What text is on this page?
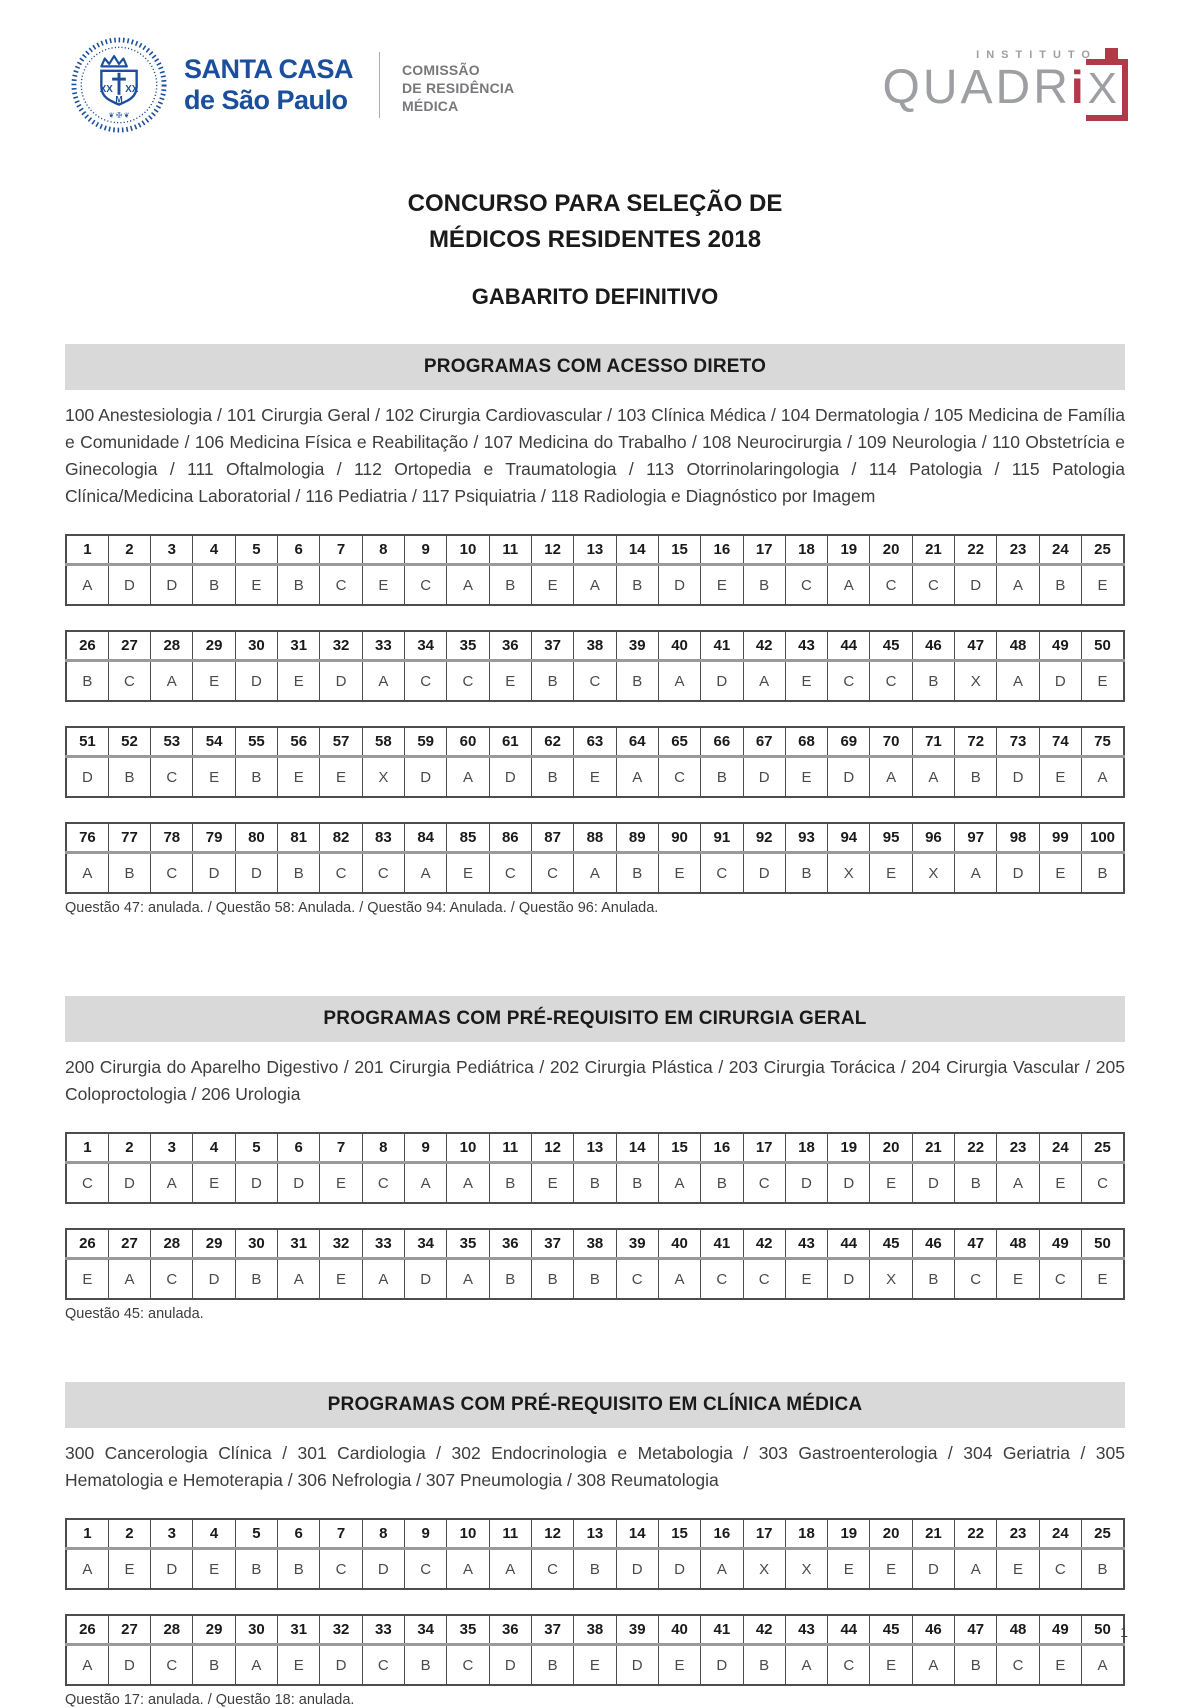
XX XX
M
❦ ✠ ❦
SANTA CASA
de São Paulo
COMISSÃO
DE RESIDÊNCIA
MÉDICA
INSTITUTO
QUADR i X
CONCURSO PARA SELEÇÃO DE
MÉDICOS RESIDENTES 2018
GABARITO DEFINITIVO
PROGRAMAS COM ACESSO DIRETO

100 Anestesiologia / 101 Cirurgia Geral / 102 Cirurgia Cardiovascular / 103 Clínica Médica / 104 Dermatologia / 105 Medicina de Família e Comunidade / 106 Medicina Física e Reabilitação / 107 Medicina do Trabalho / 108 Neurocirurgia / 109 Neurologia / 110 Obstetrícia e Ginecologia / 111 Oftalmologia / 112 Ortopedia e Traumatologia / 113 Otorrinolaringologia / 114 Patologia / 115 Patologia Clínica/Medicina Laboratorial / 116 Pediatria / 117 Psiquiatria / 118 Radiologia e Diagnóstico por Imagem

1	2	3	4	5	6	7	8	9	10	11	12	13	14	15	16	17	18	19	20	21	22	23	24	25
A	D	D	B	E	B	C	E	C	A	B	E	A	B	D	E	B	C	A	C	C	D	A	B	E
26	27	28	29	30	31	32	33	34	35	36	37	38	39	40	41	42	43	44	45	46	47	48	49	50
B	C	A	E	D	E	D	A	C	C	E	B	C	B	A	D	A	E	C	C	B	X	A	D	E
51	52	53	54	55	56	57	58	59	60	61	62	63	64	65	66	67	68	69	70	71	72	73	74	75
D	B	C	E	B	E	E	X	D	A	D	B	E	A	C	B	D	E	D	A	A	B	D	E	A
76	77	78	79	80	81	82	83	84	85	86	87	88	89	90	91	92	93	94	95	96	97	98	99	100
A	B	C	D	D	B	C	C	A	E	C	C	A	B	E	C	D	B	X	E	X	A	D	E	B

Questão 47: anulada. / Questão 58: Anulada. / Questão 94: Anulada. / Questão 96: Anulada.

PROGRAMAS COM PRÉ-REQUISITO EM CIRURGIA GERAL

200 Cirurgia do Aparelho Digestivo / 201 Cirurgia Pediátrica / 202 Cirurgia Plástica / 203 Cirurgia Torácica / 204 Cirurgia Vascular / 205 Coloproctologia / 206 Urologia

1	2	3	4	5	6	7	8	9	10	11	12	13	14	15	16	17	18	19	20	21	22	23	24	25
C	D	A	E	D	D	E	C	A	A	B	E	B	B	A	B	C	D	D	E	D	B	A	E	C
26	27	28	29	30	31	32	33	34	35	36	37	38	39	40	41	42	43	44	45	46	47	48	49	50
E	A	C	D	B	A	E	A	D	A	B	B	B	C	A	C	C	E	D	X	B	C	E	C	E

Questão 45: anulada.

PROGRAMAS COM PRÉ-REQUISITO EM CLÍNICA MÉDICA

300 Cancerologia Clínica / 301 Cardiologia / 302 Endocrinologia e Metabologia / 303 Gastroenterologia / 304 Geriatria / 305 Hematologia e Hemoterapia / 306 Nefrologia / 307 Pneumologia / 308 Reumatologia

1	2	3	4	5	6	7	8	9	10	11	12	13	14	15	16	17	18	19	20	21	22	23	24	25
A	E	D	E	B	B	C	D	C	A	A	C	B	D	D	A	X	X	E	E	D	A	E	C	B
26	27	28	29	30	31	32	33	34	35	36	37	38	39	40	41	42	43	44	45	46	47	48	49	50
A	D	C	B	A	E	D	C	B	C	D	B	E	D	E	D	B	A	C	E	A	B	C	E	A

Questão 17: anulada. / Questão 18: anulada.

1
